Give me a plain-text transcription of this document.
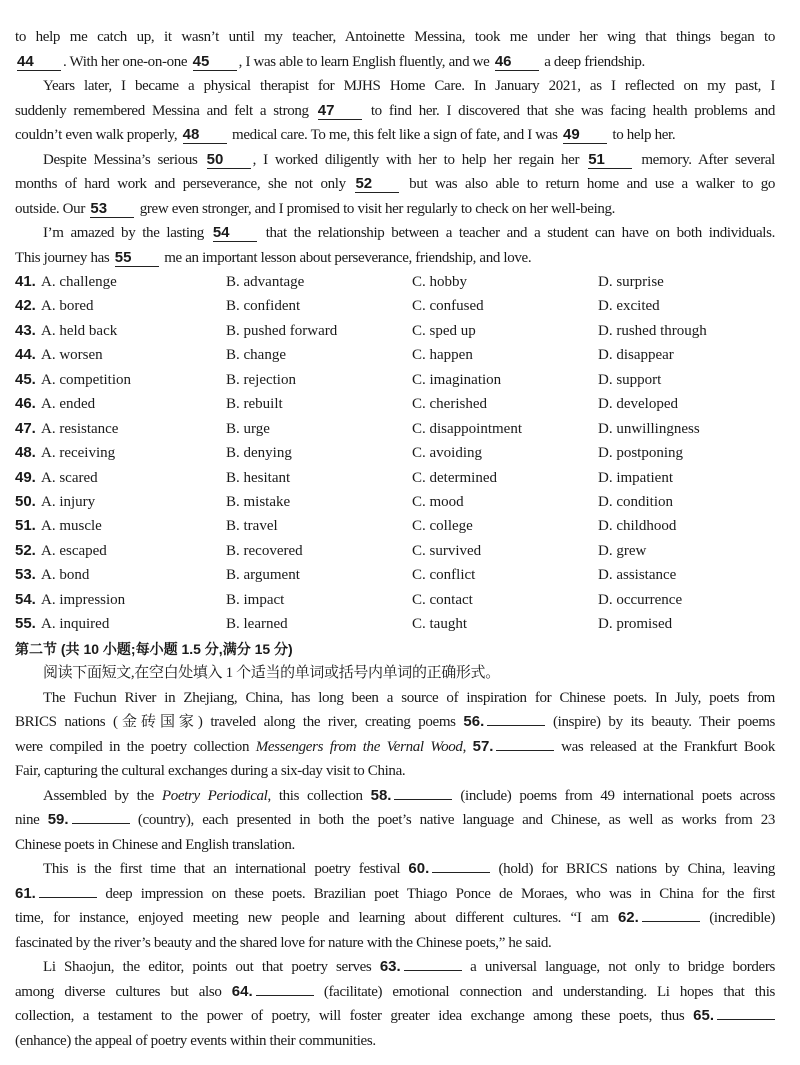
to help me catch up, it wasn’t until my teacher, Antoinette Messina, took me under her wing that things began to
44 . With her one-on-one 45 , I was able to learn English fluently, and we 46 a deep friendship.
Years later, I became a physical therapist for MJHS Home Care. In January 2021, as I reflected on my past, I
suddenly remembered Messina and felt a strong 47 to find her. I discovered that she was facing health problems and
couldn’t even walk properly, 48 medical care. To me, this felt like a sign of fate, and I was 49 to help her.
Despite Messina’s serious 50 , I worked diligently with her to help her regain her 51 memory. After several
months of hard work and perseverance, she not only 52 but was also able to return home and use a walker to go
outside. Our 53 grew even stronger, and I promised to visit her regularly to check on her well-being.
I’m amazed by the lasting 54 that the relationship between a teacher and a student can have on both individuals.
This journey has 55 me an important lesson about perseverance, friendship, and love.
41. A. challenge	B. advantage	C. hobby	D. surprise
42. A. bored	B. confident	C. confused	D. excited
43. A. held back	B. pushed forward	C. sped up	D. rushed through
44. A. worsen	B. change	C. happen	D. disappear
45. A. competition	B. rejection	C. imagination	D. support
46. A. ended	B. rebuilt	C. cherished	D. developed
47. A. resistance	B. urge	C. disappointment	D. unwillingness
48. A. receiving	B. denying	C. avoiding	D. postponing
49. A. scared	B. hesitant	C. determined	D. impatient
50. A. injury	B. mistake	C. mood	D. condition
51. A. muscle	B. travel	C. college	D. childhood
52. A. escaped	B. recovered	C. survived	D. grew
53. A. bond	B. argument	C. conflict	D. assistance
54. A. impression	B. impact	C. contact	D. occurrence
55. A. inquired	B. learned	C. taught	D. promised
第二节 (共 10 小题;每小题 1.5 分,满分 15 分)
阅读下面短文,在空白处填入 1 个适当的单词或括号内单词的正确形式。
The Fuchun River in Zhejiang, China, has long been a source of inspiration for Chinese poets. In July, poets from
BRICS nations (金砖国家) traveled along the river, creating poems 56.	(inspire) by its beauty. Their poems
were compiled in the poetry collection Messengers from the Vernal Wood, 57.	was released at the Frankfurt Book
Fair, capturing the cultural exchanges during a six-day visit to China.
Assembled by the Poetry Periodical, this collection 58.	(include) poems from 49 international poets across
nine 59.	(country), each presented in both the poet’s native language and Chinese, as well as works from 23
Chinese poets in Chinese and English translation.
This is the first time that an international poetry festival 60.	(hold) for BRICS nations by China, leaving
61.	deep impression on these poets. Brazilian poet Thiago Ponce de Moraes, who was in China for the first
time, for instance, enjoyed meeting new people and learning about different cultures. “I am 62.	(incredible)
fascinated by the river’s beauty and the shared love for nature with the Chinese poets,” he said.
Li Shaojun, the editor, points out that poetry serves 63.	a universal language, not only to bridge borders
among diverse cultures but also 64.	(facilitate) emotional connection and understanding. Li hopes that this
collection, a testament to the power of poetry, will foster greater idea exchange among these poets, thus 65.
(enhance) the appeal of poetry events within their communities.
